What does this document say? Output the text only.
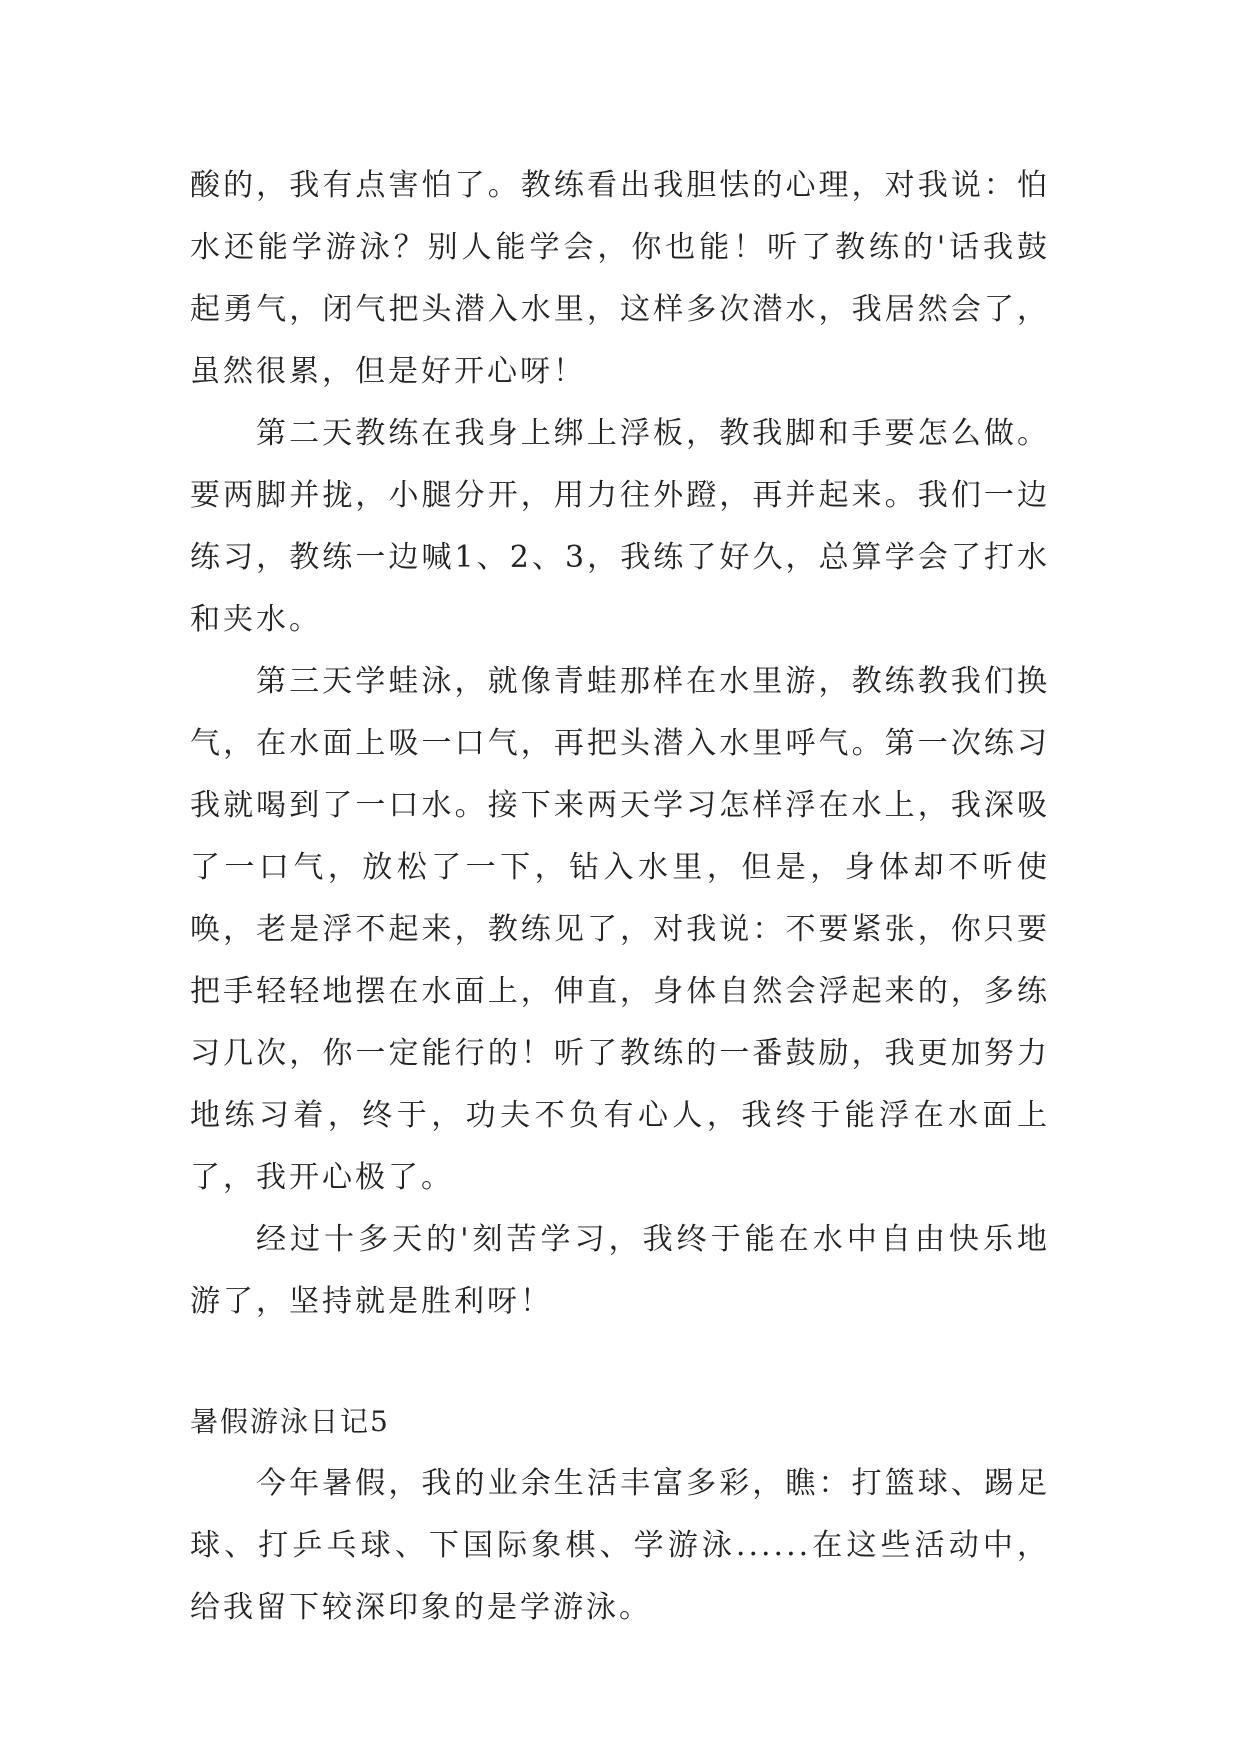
酸的，我有点害怕了。教练看出我胆怯的心理，对我说：怕水还能学游泳？别人能学会，你也能！听了教练的'话我鼓起勇气，闭气把头潜入水里，这样多次潜水，我居然会了，虽然很累，但是好开心呀！

第二天教练在我身上绑上浮板，教我脚和手要怎么做。要两脚并拢，小腿分开，用力往外蹬，再并起来。我们一边练习，教练一边喊1、2、3，我练了好久，总算学会了打水和夹水。

第三天学蛙泳，就像青蛙那样在水里游，教练教我们换气，在水面上吸一口气，再把头潜入水里呼气。第一次练习我就喝到了一口水。接下来两天学习怎样浮在水上，我深吸了一口气，放松了一下，钻入水里，但是，身体却不听使唤，老是浮不起来，教练见了，对我说：不要紧张，你只要把手轻轻地摆在水面上，伸直，身体自然会浮起来的，多练习几次，你一定能行的！听了教练的一番鼓励，我更加努力地练习着，终于，功夫不负有心人，我终于能浮在水面上了，我开心极了。

经过十多天的'刻苦学习，我终于能在水中自由快乐地游了，坚持就是胜利呀！

暑假游泳日记5

今年暑假，我的业余生活丰富多彩，瞧：打篮球、踢足球、打乒乓球、下国际象棋、学游泳......在这些活动中，给我留下较深印象的是学游泳。
